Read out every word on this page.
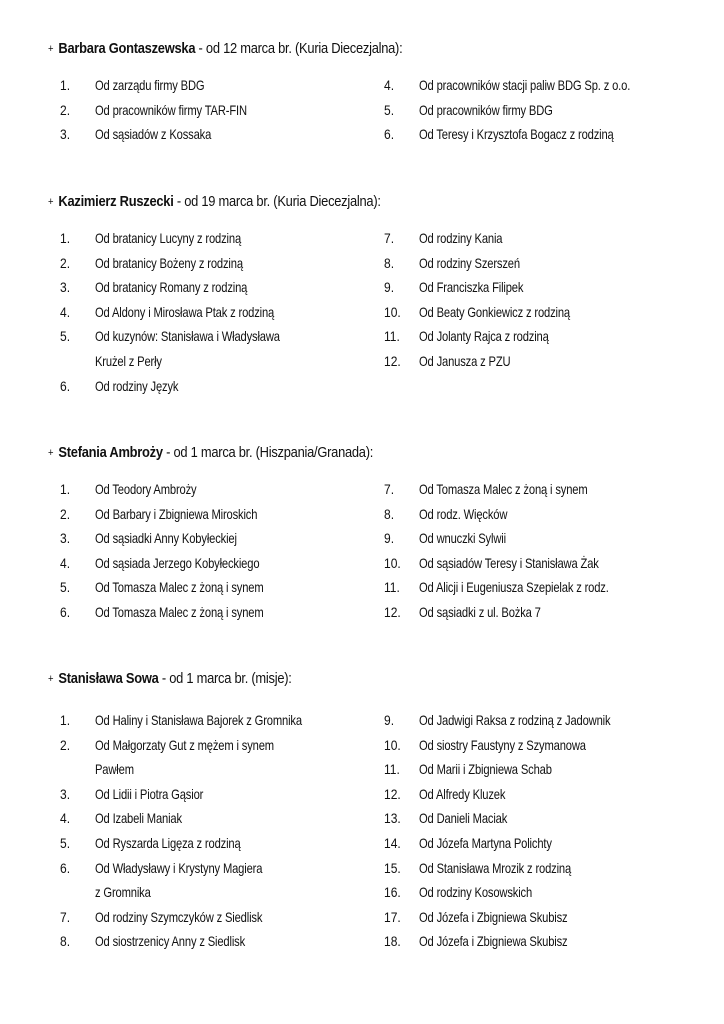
+ Barbara Gontaszewska - od 12 marca br. (Kuria Diecezjalna):
1.	Od zarządu firmy BDG
2.	Od pracowników firmy TAR-FIN
3.	Od sąsiadów z Kossaka
4.	Od pracowników stacji paliw BDG Sp. z o.o.
5.	Od pracowników firmy BDG
6.	Od Teresy i Krzysztofa Bogacz z rodziną
+ Kazimierz Ruszecki - od 19 marca br. (Kuria Diecezjalna):
1.	Od bratanicy Lucyny z rodziną
2.	Od bratanicy Bożeny z rodziną
3.	Od bratanicy Romany z rodziną
4.	Od Aldony i Mirosława Ptak z rodziną
5.	Od kuzynów: Stanisława i Władysława
Krużel z Perły
6.	Od rodziny Język
7.	Od rodziny Kania
8.	Od rodziny Szerszeń
9.	Od Franciszka Filipek
10. Od Beaty Gonkiewicz z rodziną
11.	Od Jolanty Rajca z rodziną
12. Od Janusza z PZU
+ Stefania Ambroży - od 1 marca br. (Hiszpania/Granada):
1.	Od Teodory Ambroży
2.	Od Barbary i Zbigniewa Miroskich
3.	Od sąsiadki Anny Kobyłeckiej
4.	Od sąsiada Jerzego Kobyłeckiego
5.	Od Tomasza Malec z żoną i synem
6.	Od Tomasza Malec z żoną i synem
7.	Od Tomasza Malec z żoną i synem
8.	Od rodz. Więcków
9.	Od wnuczki Sylwii
10. Od sąsiadów Teresy i Stanisława Żak
11.	Od Alicji i Eugeniusza Szepielak z rodz.
12. Od sąsiadki z ul. Bożka 7
+ Stanisława Sowa - od 1 marca br. (misje):
1.	Od Haliny i Stanisława Bajorek z Gromnika
2.	Od Małgorzaty Gut z mężem i synem
Pawłem
3.	Od Lidii i Piotra Gąsior
4.	Od Izabeli Maniak
5.	Od Ryszarda Ligęza z rodziną
6.	Od Władysławy i Krystyny Magiera
z Gromnika
7.	Od rodziny Szymczyków z Siedlisk
8.	Od siostrzenicy Anny z Siedlisk
9.	Od Jadwigi Raksa z rodziną z Jadownik
10. Od siostry Faustyny z Szymanowa
11.	Od Marii i Zbigniewa Schab
12. Od Alfredy Kluzek
13. Od Danieli Maciak
14. Od Józefa Martyna Polichty
15. Od Stanisława Mrozik z rodziną
16. Od rodziny Kosowskich
17. Od Józefa i Zbigniewa Skubisz
18. Od Józefa i Zbigniewa Skubisz
